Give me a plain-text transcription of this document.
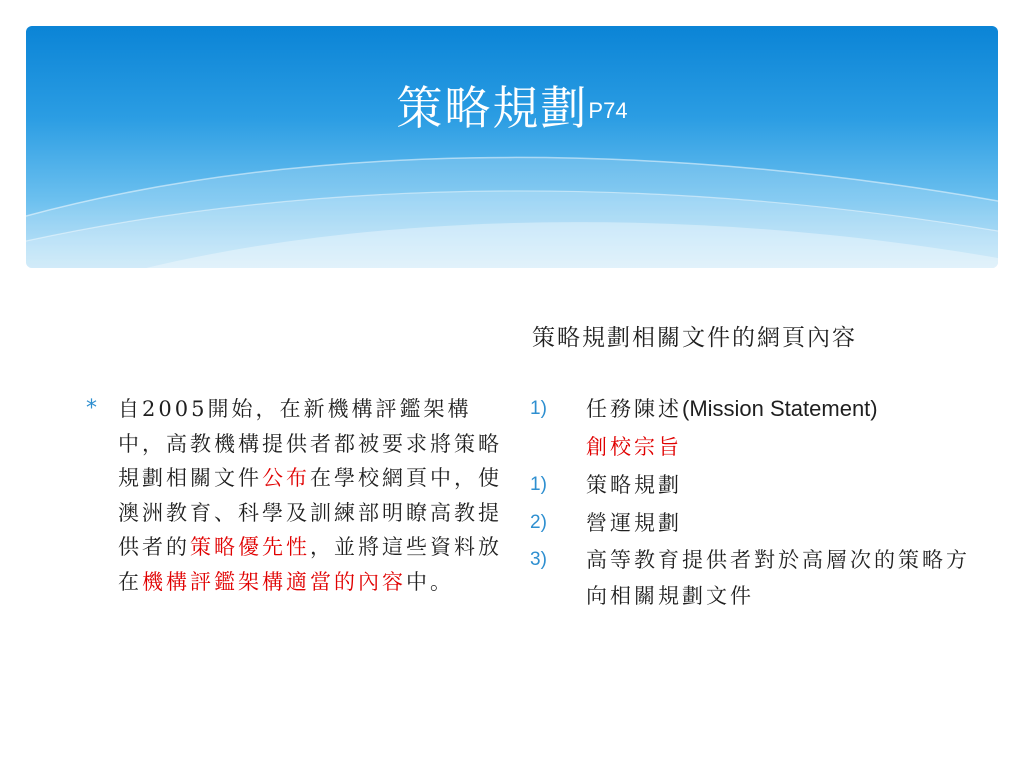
策略規劃P74
策略規劃相關文件的網頁內容
* 自2005開始，在新機構評鑑架構中，高教機構提供者都被要求將策略規劃相關文件公布在學校網頁中，使澳洲教育、科學及訓練部明瞭高教提供者的策略優先性，並將這些資料放在機構評鑑架構適當的內容中。
1) 任務陳述(Mission Statement)
創校宗旨
1) 策略規劃
2) 營運規劃
3) 高等教育提供者對於高層次的策略方向相關規劃文件
